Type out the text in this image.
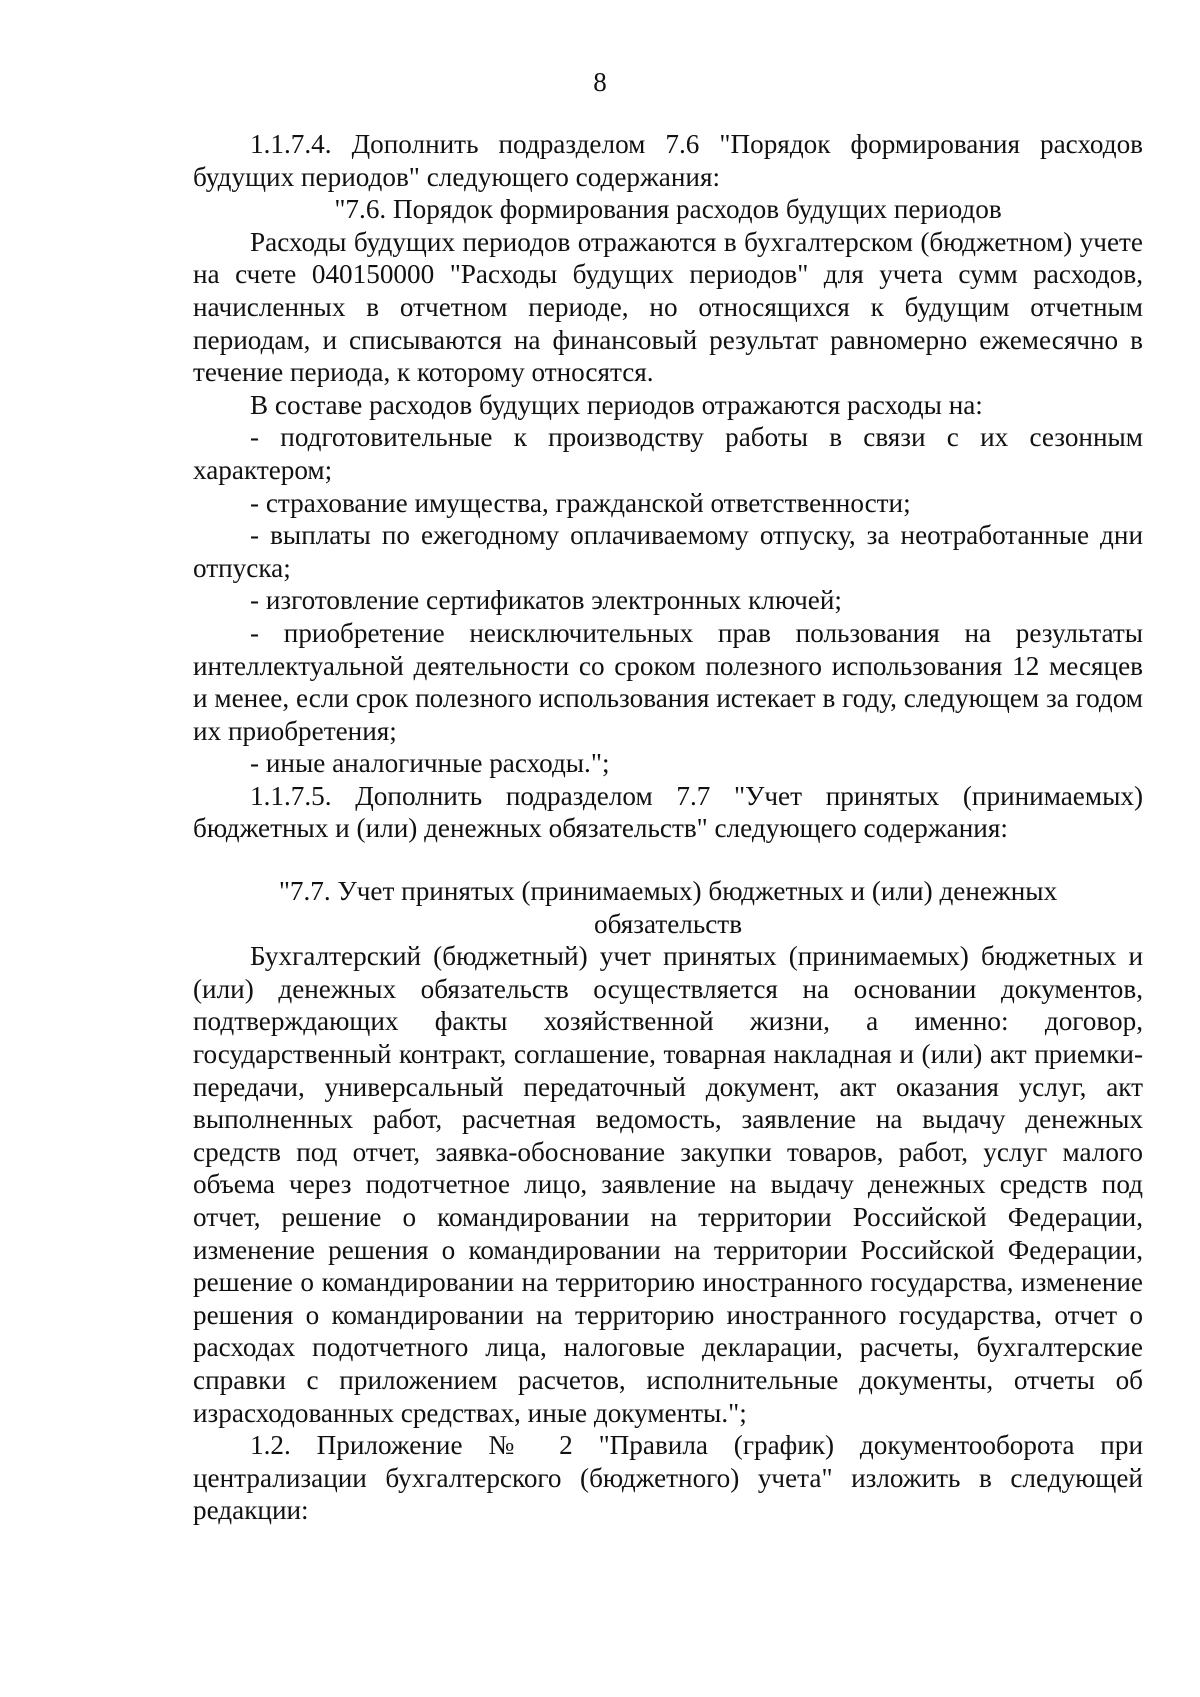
8

1.1.7.4. Дополнить подразделом 7.6 "Порядок формирования расходов будущих периодов" следующего содержания:

"7.6. Порядок формирования расходов будущих периодов

Расходы будущих периодов отражаются в бухгалтерском (бюджетном) учете на счете 040150000 "Расходы будущих периодов" для учета сумм расходов, начисленных в отчетном периоде, но относящихся к будущим отчетным периодам, и списываются на финансовый результат равномерно ежемесячно в течение периода, к которому относятся.

В составе расходов будущих периодов отражаются расходы на:

- подготовительные к производству работы в связи с их сезонным характером;

- страхование имущества, гражданской ответственности;

- выплаты по ежегодному оплачиваемому отпуску, за неотработанные дни отпуска;

- изготовление сертификатов электронных ключей;

- приобретение неисключительных прав пользования на результаты интеллектуальной деятельности со сроком полезного использования 12 месяцев и менее, если срок полезного использования истекает в году, следующем за годом их приобретения;

- иные аналогичные расходы.";

1.1.7.5. Дополнить подразделом 7.7 "Учет принятых (принимаемых) бюджетных и (или) денежных обязательств" следующего содержания:

"7.7. Учет принятых (принимаемых) бюджетных и (или) денежных

обязательств

Бухгалтерский (бюджетный) учет принятых (принимаемых) бюджетных и (или) денежных обязательств осуществляется на основании документов, подтверждающих факты хозяйственной жизни, а именно: договор, государственный контракт, соглашение, товарная накладная и (или) акт приемки-передачи, универсальный передаточный документ, акт оказания услуг, акт выполненных работ, расчетная ведомость, заявление на выдачу денежных средств под отчет, заявка-обоснование закупки товаров, работ, услуг малого объема через подотчетное лицо, заявление на выдачу денежных средств под отчет, решение о командировании на территории Российской Федерации, изменение решения о командировании на территории Российской Федерации, решение о командировании на территорию иностранного государства, изменение решения о командировании на территорию иностранного государства, отчет о расходах подотчетного лица, налоговые декларации, расчеты, бухгалтерские справки с приложением расчетов, исполнительные документы, отчеты об израсходованных средствах, иные документы.";

1.2. Приложение № 2 "Правила (график) документооборота при централизации бухгалтерского (бюджетного) учета" изложить в следующей редакции:
